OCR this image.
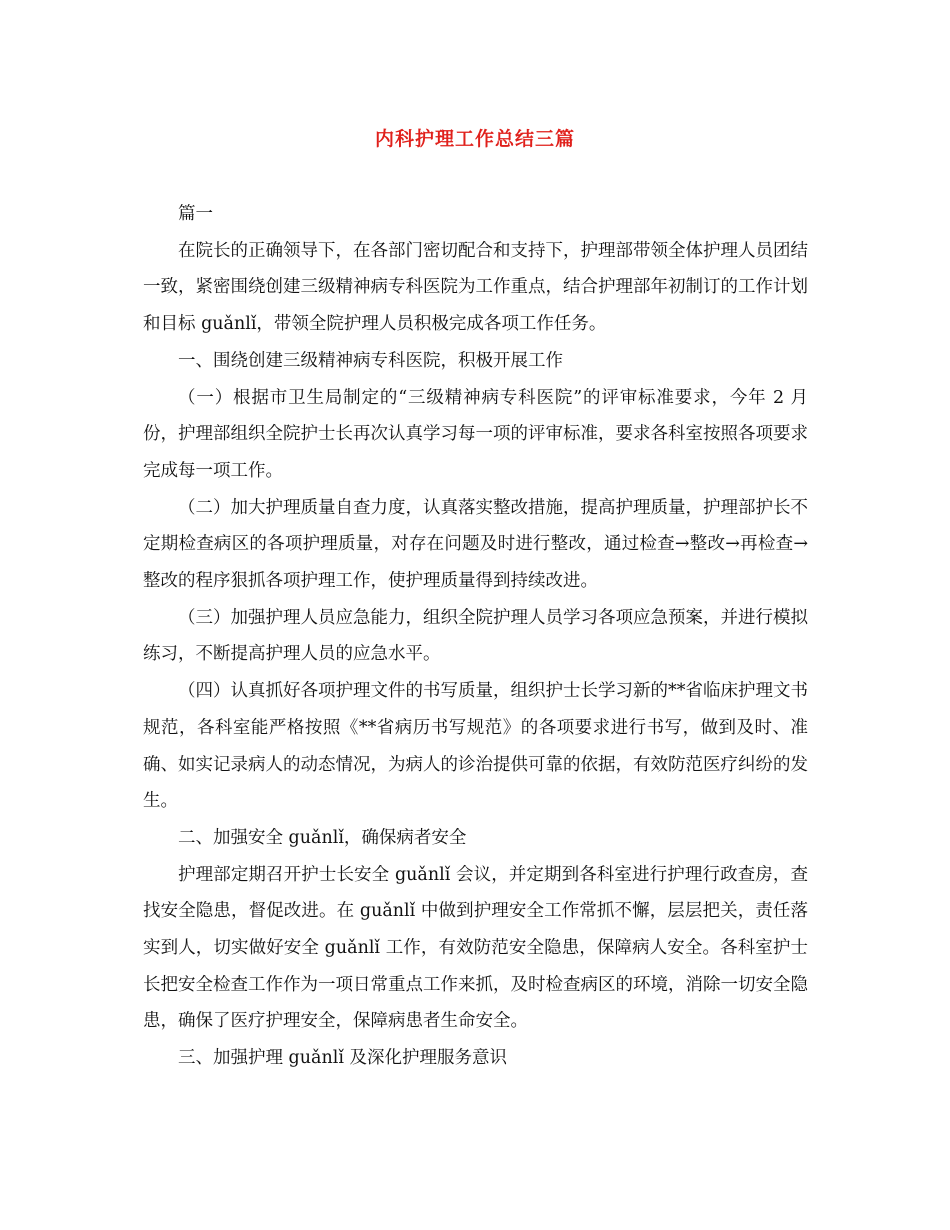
内科护理工作总结三篇

篇一

在院长的正确领导下，在各部门密切配合和支持下，护理部带领全体护理人员团结一致，紧密围绕创建三级精神病专科医院为工作重点，结合护理部年初制订的工作计划和目标 guǎnlǐ，带领全院护理人员积极完成各项工作任务。

一、围绕创建三级精神病专科医院，积极开展工作

（一）根据市卫生局制定的“三级精神病专科医院”的评审标准要求，今年 2 月份，护理部组织全院护士长再次认真学习每一项的评审标准，要求各科室按照各项要求完成每一项工作。

（二）加大护理质量自查力度，认真落实整改措施，提高护理质量，护理部护长不定期检查病区的各项护理质量，对存在问题及时进行整改，通过检查→整改→再检查→整改的程序狠抓各项护理工作，使护理质量得到持续改进。

（三）加强护理人员应急能力，组织全院护理人员学习各项应急预案，并进行模拟练习，不断提高护理人员的应急水平。

（四）认真抓好各项护理文件的书写质量，组织护士长学习新的**省临床护理文书规范，各科室能严格按照《**省病历书写规范》的各项要求进行书写，做到及时、准确、如实记录病人的动态情况，为病人的诊治提供可靠的依据，有效防范医疗纠纷的发生。

二、加强安全 guǎnlǐ，确保病者安全

护理部定期召开护士长安全 guǎnlǐ 会议，并定期到各科室进行护理行政查房，查找安全隐患，督促改进。在 guǎnlǐ 中做到护理安全工作常抓不懈，层层把关，责任落实到人，切实做好安全 guǎnlǐ 工作，有效防范安全隐患，保障病人安全。各科室护士长把安全检查工作作为一项日常重点工作来抓，及时检查病区的环境，消除一切安全隐患，确保了医疗护理安全，保障病患者生命安全。

三、加强护理 guǎnlǐ 及深化护理服务意识
